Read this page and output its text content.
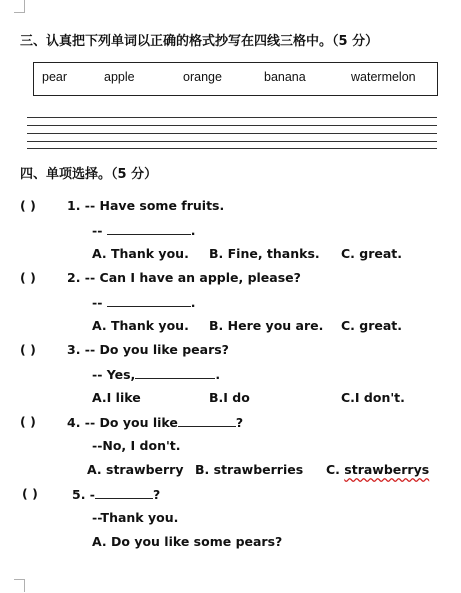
三、认真把下列单词以正确的格式抄写在四线三格中。（5 分）
pear	apple	orange	banana	watermelon
四、单项选择。（5 分）
( ) 1. -- Have some fruits.
--	.
A. Thank you. B. Fine, thanks. C. great.
( ) 2. -- Can I have an apple, please?
--	.
A. Thank you. B. Here you are. C. great.
( ) 3. -- Do you like pears?
-- Yes,	.
A.I like	B.I do	C.I don't.
( ) 4. -- Do you like	?
--No, I don't.
A. strawberry B. strawberries C. strawberrys
( )	5. -	?
--Thank you.
A. Do you like some pears?
